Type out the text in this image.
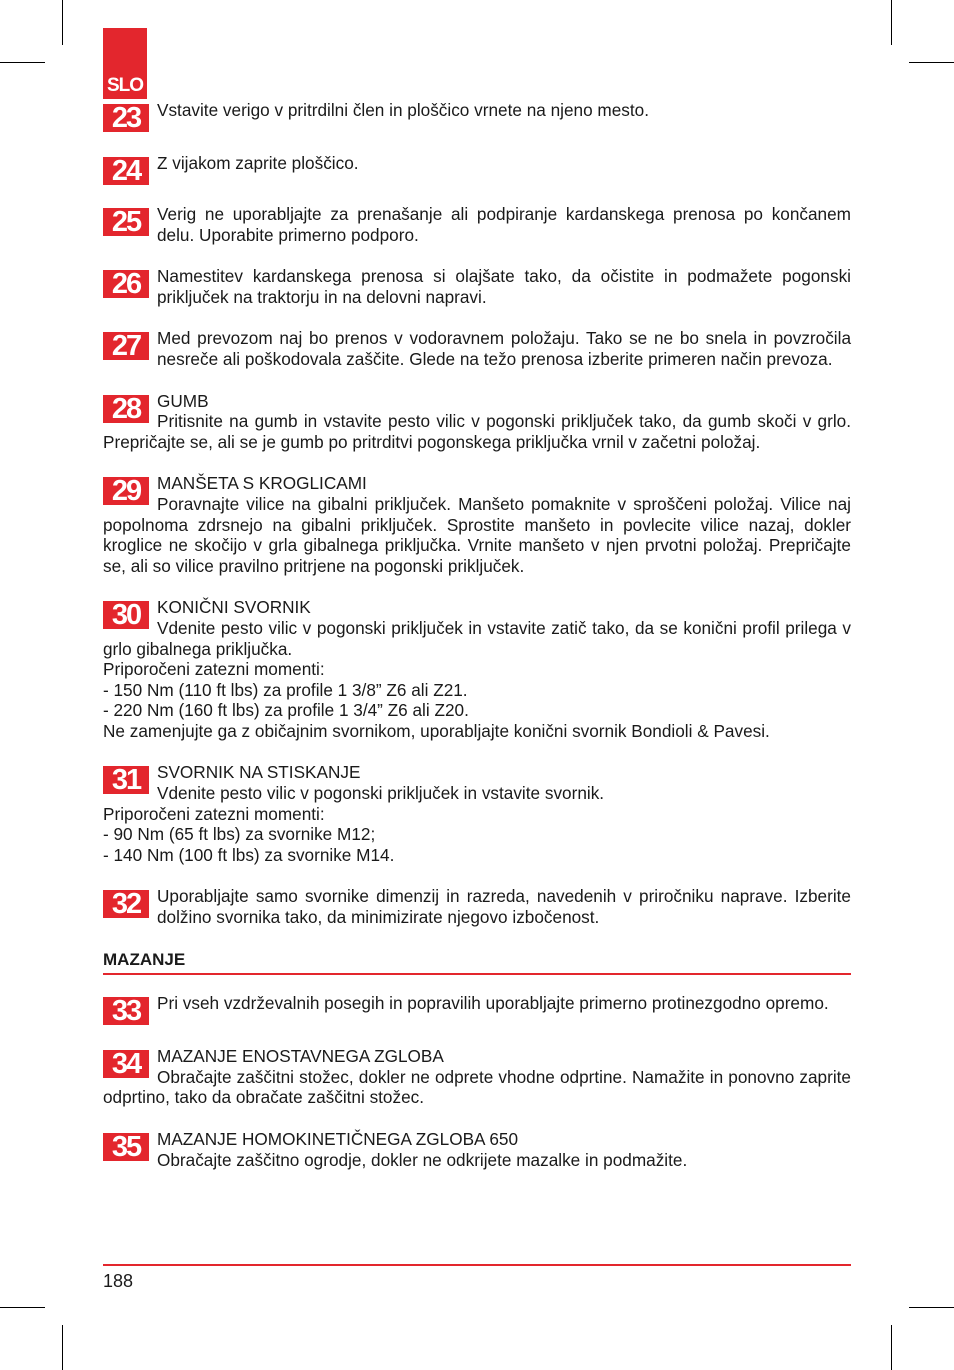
SLO
23 Vstavite verigo v pritrdilni člen in ploščico vrnete na njeno mesto.

24 Z vijakom zaprite ploščico.

25 Verig ne uporabljajte za prenašanje ali podpiranje kardanskega prenosa po končanem delu. Uporabite primerno podporo.

26 Namestitev kardanskega prenosa si olajšate tako, da očistite in podmažete pogonski priključek na traktorju in na delovni napravi.

27 Med prevozom naj bo prenos v vodoravnem položaju. Tako se ne bo snela in povzročila nesreče ali poškodovala zaščite. Glede na težo prenosa izberite primeren način prevoza.

28 GUMB

Pritisnite na gumb in vstavite pesto vilic v pogonski priključek tako, da gumb skoči v grlo. Prepričajte se, ali se je gumb po pritrditvi pogonskega priključka vrnil v začetni položaj.

29 MANŠETA S KROGLICAMI

Poravnajte vilice na gibalni priključek. Manšeto pomaknite v sproščeni položaj. Vilice naj popolnoma zdrsnejo na gibalni priključek. Sprostite manšeto in povlecite vilice nazaj, dokler kroglice ne skočijo v grla gibalnega priključka. Vrnite manšeto v njen prvotni položaj. Prepričajte se, ali so vilice pravilno pritrjene na pogonski priključek.

30 KONIČNI SVORNIK

Vdenite pesto vilic v pogonski priključek in vstavite zatič tako, da se konični profil prilega v grlo gibalnega priključka.

Priporočeni zatezni momenti:

- 150 Nm (110 ft lbs) za profile 1 3/8” Z6 ali Z21.

- 220 Nm (160 ft lbs) za profile 1 3/4” Z6 ali Z20.

Ne zamenjujte ga z običajnim svornikom, uporabljajte konični svornik Bondioli & Pavesi.

31 SVORNIK NA STISKANJE

Vdenite pesto vilic v pogonski priključek in vstavite svornik.

Priporočeni zatezni momenti:

- 90 Nm (65 ft lbs) za svornike M12;

- 140 Nm (100 ft lbs) za svornike M14.

32 Uporabljajte samo svornike dimenzij in razreda, navedenih v priročniku naprave. Izberite dolžino svornika tako, da minimizirate njegovo izbočenost.

MAZANJE

33 Pri vseh vzdrževalnih posegih in popravilih uporabljajte primerno protinezgodno opremo.

34 MAZANJE ENOSTAVNEGA ZGLOBA

Obračajte zaščitni stožec, dokler ne odprete vhodne odprtine. Namažite in ponovno zaprite odprtino, tako da obračate zaščitni stožec.

35 MAZANJE HOMOKINETIČNEGA ZGLOBA 650

Obračajte zaščitno ogrodje, dokler ne odkrijete mazalke in podmažite.

188
